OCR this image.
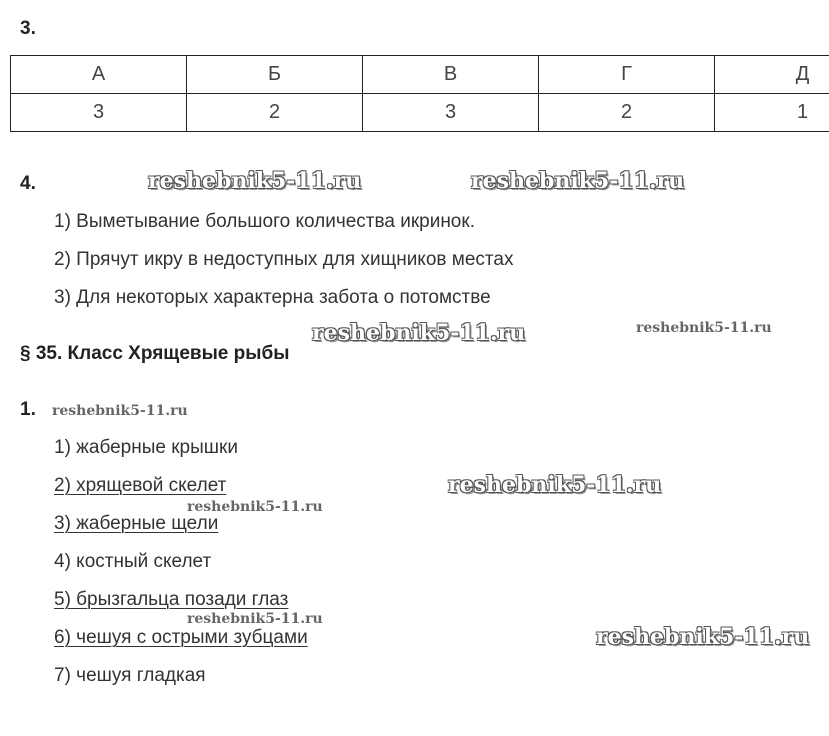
3.
А	Б	В	Г	Д
3	2	3	2	1
4.
1) Выметывание большого количества икринок.
2) Прячут икру в недоступных для хищников местах
3) Для некоторых характерна забота о потомстве
§ 35. Класс Хрящевые рыбы
1.
1) жаберные крышки
2) хрящевой скелет
3) жаберные щели
4) костный скелет
5) брызгальца позади глаз
6) чешуя с острыми зубцами
7) чешуя гладкая
reshebnik5-11.ru	reshebnik5-11.ru
reshebnik5-11.ru	reshebnik5-11.ru
reshebnik5-11.ru
reshebnik5-11.ru
reshebnik5-11.ru
reshebnik5-11.ru
reshebnik5-11.ru
